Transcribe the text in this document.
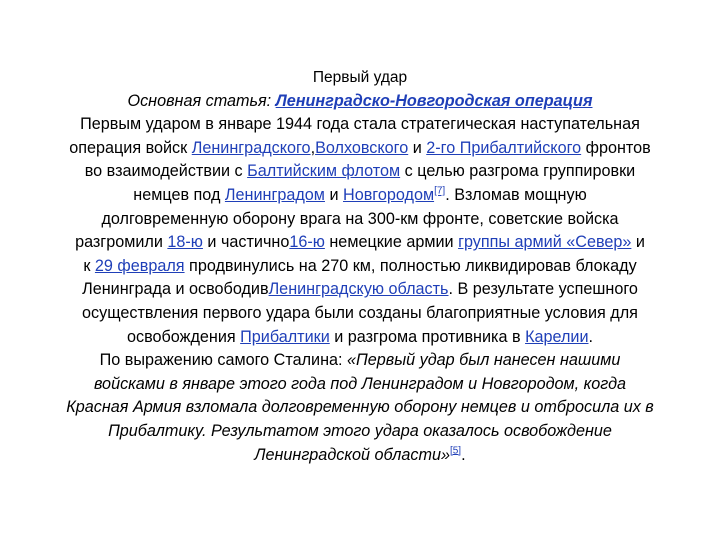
Первый удар
Основная статья: Ленинградско-Новгородская операция
Первым ударом в январе 1944 года стала стратегическая наступательная
операция войск Ленинградского,Волховского и 2-го Прибалтийского фронтов
во взаимодействии с Балтийским флотом с целью разгрома группировки
немцев под Ленинградом и Новгородом[7]. Взломав мощную
долговременную оборону врага на 300-км фронте, советские войска
разгромили 18-ю и частично16-ю немецкие армии группы армий «Север» и
к 29 февраля продвинулись на 270 км, полностью ликвидировав блокаду
Ленинграда и освободивЛенинградскую область. В результате успешного
осуществления первого удара были созданы благоприятные условия для
освобождения Прибалтики и разгрома противника в Карелии.
По выражению самого Сталина: «Первый удар был нанесен нашими
войсками в январе этого года под Ленинградом и Новгородом, когда
Красная Армия взломала долговременную оборону немцев и отбросила их в
Прибалтику. Результатом этого удара оказалось освобождение
Ленинградской области»[5].
